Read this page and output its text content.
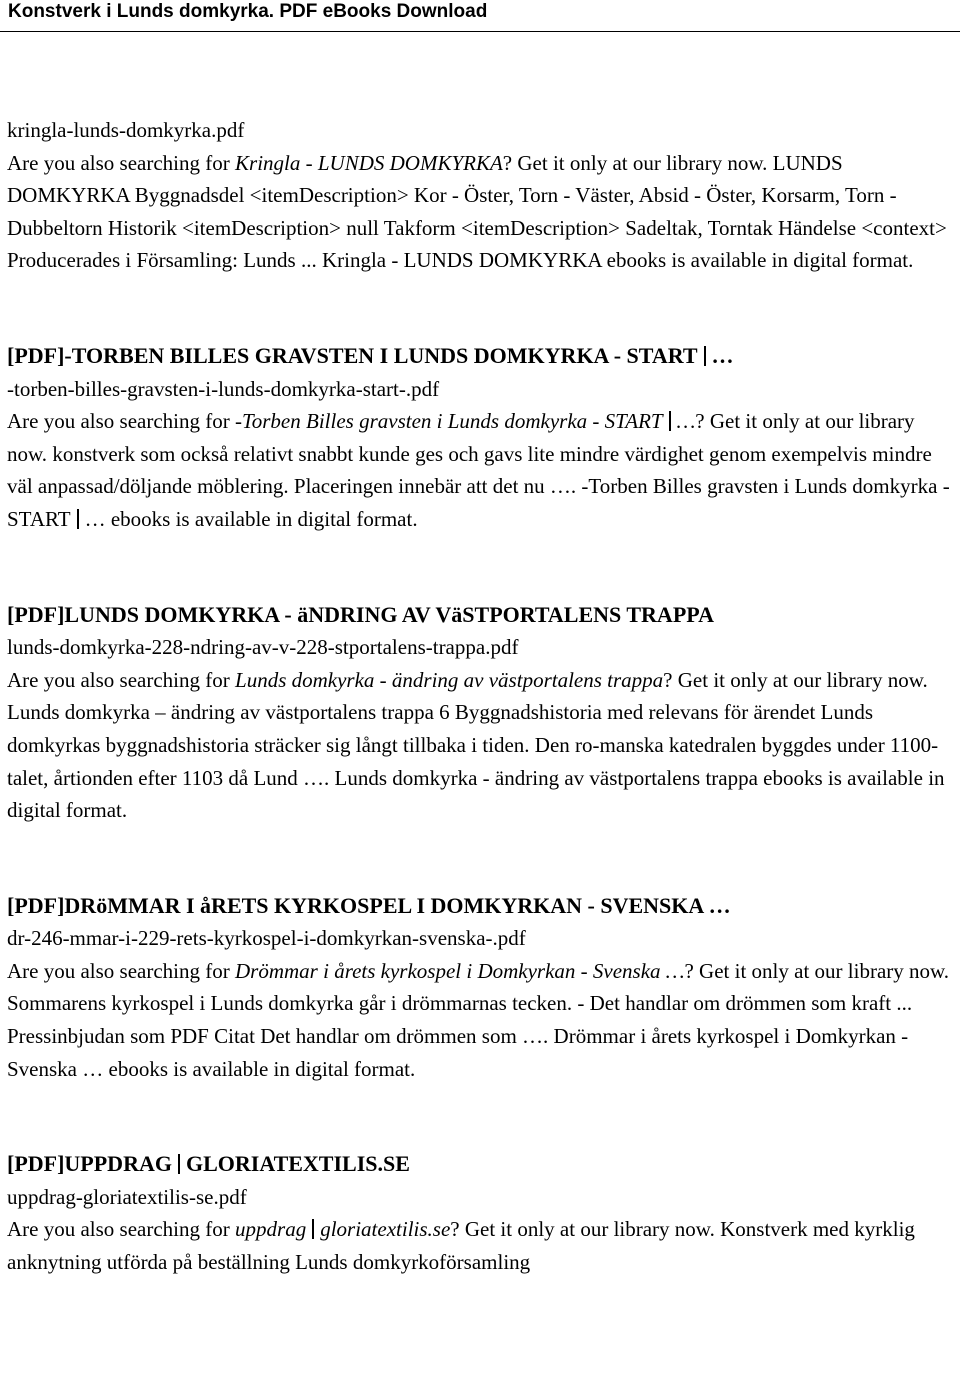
Konstverk i Lunds domkyrka. PDF eBooks Download
kringla-lunds-domkyrka.pdf
Are you also searching for Kringla - LUNDS DOMKYRKA? Get it only at our library now. LUNDS DOMKYRKA Byggnadsdel <itemDescription> Kor - Öster, Torn - Väster, Absid - Öster, Korsarm, Torn - Dubbeltorn Historik <itemDescription> null Takform <itemDescription> Sadeltak, Torntak Händelse <context> Producerades i Församling: Lunds ... Kringla - LUNDS DOMKYRKA ebooks is available in digital format.
[PDF]-TORBEN BILLES GRAVSTEN I LUNDS DOMKYRKA - START …
-torben-billes-gravsten-i-lunds-domkyrka-start-.pdf
Are you also searching for -Torben Billes gravsten i Lunds domkyrka - START …? Get it only at our library now. konstverk som också relativt snabbt kunde ges och gavs lite mindre värdighet genom exempelvis mindre väl anpassad/döljande möblering. Placeringen innebär att det nu …. -Torben Billes gravsten i Lunds domkyrka - START … ebooks is available in digital format.
[PDF]LUNDS DOMKYRKA - äNDRING AV VäSTPORTALENS TRAPPA
lunds-domkyrka-228-ndring-av-v-228-stportalens-trappa.pdf
Are you also searching for Lunds domkyrka - ändring av västportalens trappa? Get it only at our library now. Lunds domkyrka – ändring av västportalens trappa 6 Byggnadshistoria med relevans för ärendet Lunds domkyrkas byggnadshistoria sträcker sig långt tillbaka i tiden. Den ro-manska katedralen byggdes under 1100-talet, årtionden efter 1103 då Lund …. Lunds domkyrka - ändring av västportalens trappa ebooks is available in digital format.
[PDF]DRöMMAR I åRETS KYRKOSPEL I DOMKYRKAN - SVENSKA …
dr-246-mmar-i-229-rets-kyrkospel-i-domkyrkan-svenska-.pdf
Are you also searching for Drömmar i årets kyrkospel i Domkyrkan - Svenska …? Get it only at our library now. Sommarens kyrkospel i Lunds domkyrka går i drömmarnas tecken. - Det handlar om drömmen som kraft ... Pressinbjudan som PDF Citat Det handlar om drömmen som …. Drömmar i årets kyrkospel i Domkyrkan - Svenska … ebooks is available in digital format.
[PDF]UPPDRAG GLORIATEXTILIS.SE
uppdrag-gloriatextilis-se.pdf
Are you also searching for uppdrag gloriatextilis.se? Get it only at our library now. Konstverk med kyrklig anknytning utförda på beställning Lunds domkyrkoförsamling
